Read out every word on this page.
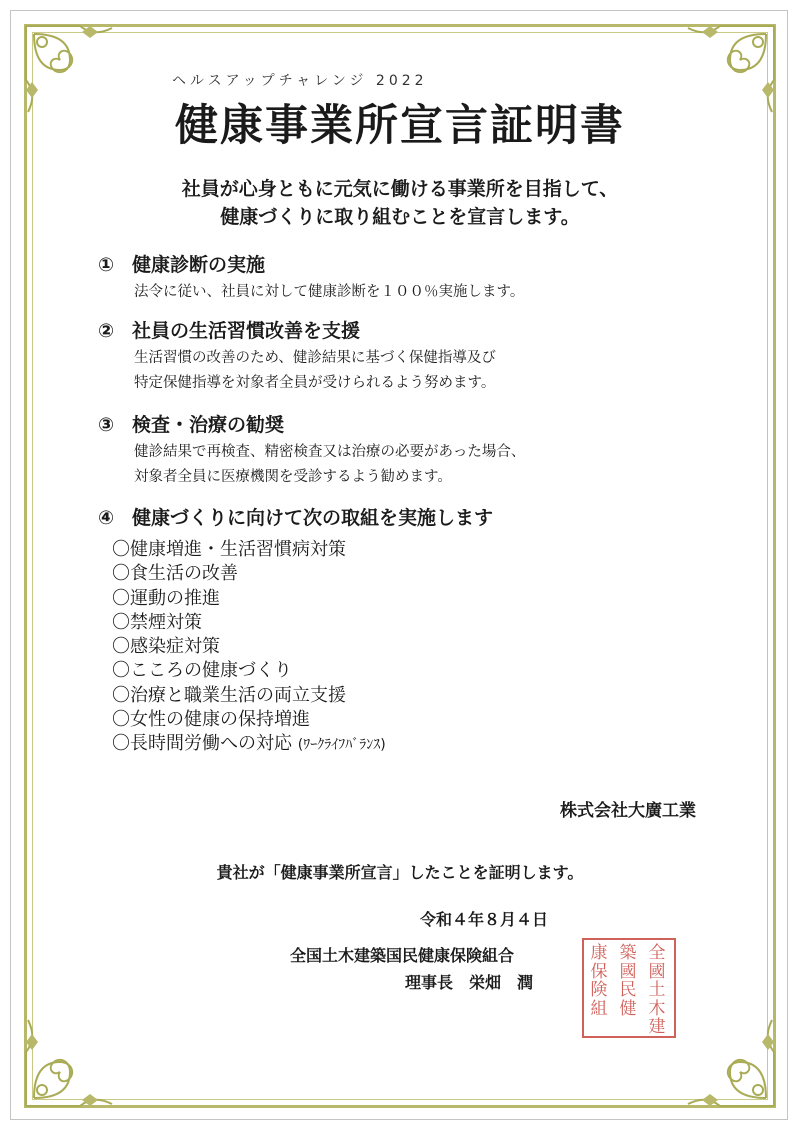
ヘルスアップチャレンジ 2022
健康事業所宣言証明書
社員が心身ともに元気に働ける事業所を目指して、
健康づくりに取り組むことを宣言します。
① 健康診断の実施
法令に従い、社員に対して健康診断を１００％実施します。
② 社員の生活習慣改善を支援
生活習慣の改善のため、健診結果に基づく保健指導及び
特定保健指導を対象者全員が受けられるよう努めます。
③ 検査・治療の勧奨
健診結果で再検査、精密検査又は治療の必要があった場合、
対象者全員に医療機関を受診するよう勧めます。
④ 健康づくりに向けて次の取組を実施します
〇健康増進・生活習慣病対策
〇食生活の改善
〇運動の推進
〇禁煙対策
〇感染症対策
〇こころの健康づくり
〇治療と職業生活の両立支援
〇女性の健康の保持増進
〇長時間労働への対応 (ﾜｰｸﾗｲﾌﾊﾞﾗﾝｽ)
株式会社大廣工業
貴社が「健康事業所宣言」したことを証明します。
令和４年８月４日
全国土木建築国民健康保険組合
理事長　栄畑　潤
全國土木建
築國民健
康保険組
